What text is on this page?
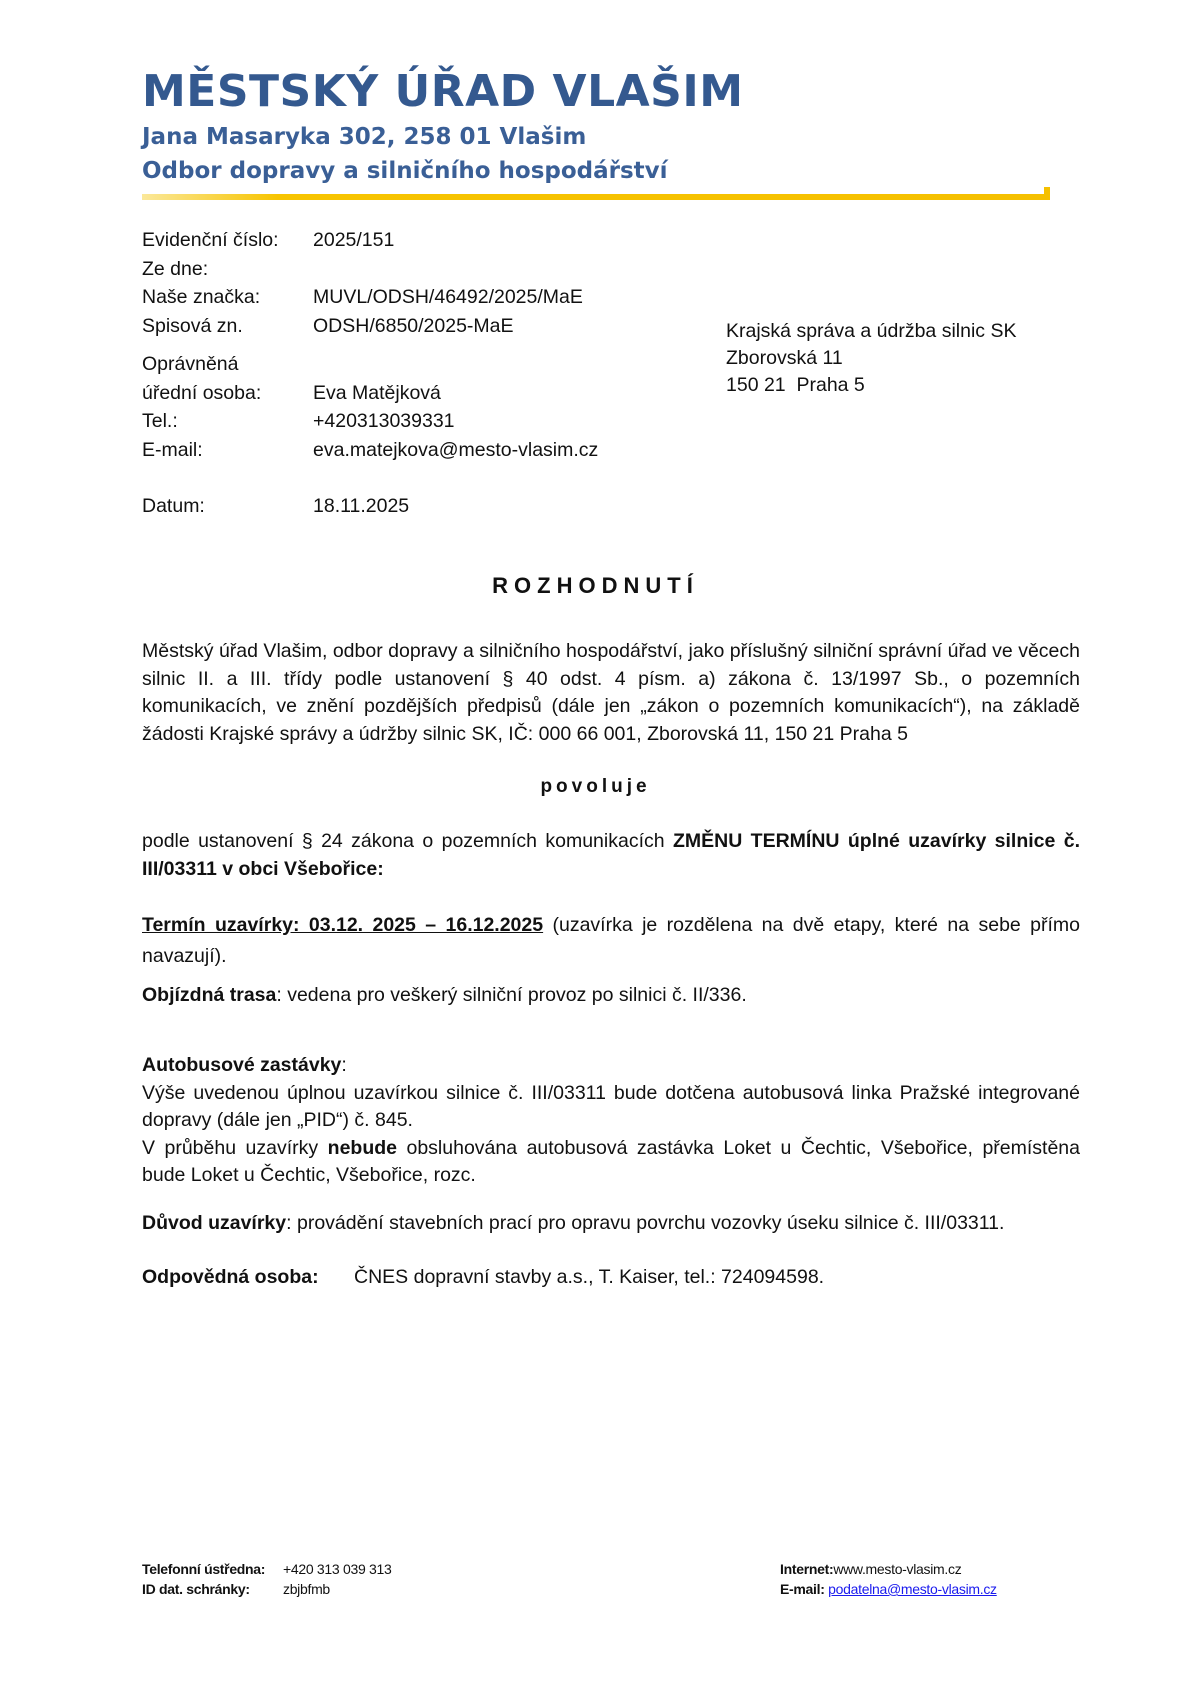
MĚSTSKÝ ÚŘAD VLAŠIM

Jana Masaryka 302, 258 01 Vlašim

Odbor dopravy a silničního hospodářství

Evidenční číslo:	2025/151
Ze dne:
Naše značka:	MUVL/ODSH/46492/2025/MaE
Spisová zn.	ODSH/6850/2025-MaE
Oprávněná
úřední osoba:	Eva Matějková
Tel.:	+420313039331
E-mail:	eva.matejkova@mesto-vlasim.cz
Datum:	18.11.2025
Krajská správa a údržba silnic SK
Zborovská 11
150 21  Praha 5
ROZHODNUTÍ
Městský úřad Vlašim, odbor dopravy a silničního hospodářství, jako příslušný silniční správní úřad ve věcech silnic II. a III. třídy podle ustanovení § 40 odst. 4 písm. a) zákona č. 13/1997 Sb., o pozemních komunikacích, ve znění pozdějších předpisů (dále jen „zákon o pozemních komunikacích“), na základě žádosti Krajské správy a údržby silnic SK, IČ: 000 66 001, Zborovská 11, 150 21 Praha 5
povoluje
podle ustanovení § 24 zákona o pozemních komunikacích ZMĚNU TERMÍNU úplné uzavírky silnice č. III/03311 v obci Všebořice:
Termín uzavírky: 03.12. 2025 – 16.12.2025 (uzavírka je rozdělena na dvě etapy, které na sebe přímo navazují).
Objízdná trasa: vedena pro veškerý silniční provoz po silnici č. II/336.
Autobusové zastávky:
Výše uvedenou úplnou uzavírkou silnice č. III/03311 bude dotčena autobusová linka Pražské integrované dopravy (dále jen „PID“) č. 845.
V průběhu uzavírky nebude obsluhována autobusová zastávka Loket u Čechtic, Všebořice, přemístěna bude Loket u Čechtic, Všebořice, rozc.
Důvod uzavírky: provádění stavebních prací pro opravu povrchu vozovky úseku silnice č. III/03311.
Odpovědná osoba: ČNES dopravní stavby a.s., T. Kaiser, tel.: 724094598.
Telefonní ústředna:	+420 313 039 313
ID dat. schránky:	zbjbfmb
Internet:www.mesto-vlasim.cz
E-mail: podatelna@mesto-vlasim.cz
